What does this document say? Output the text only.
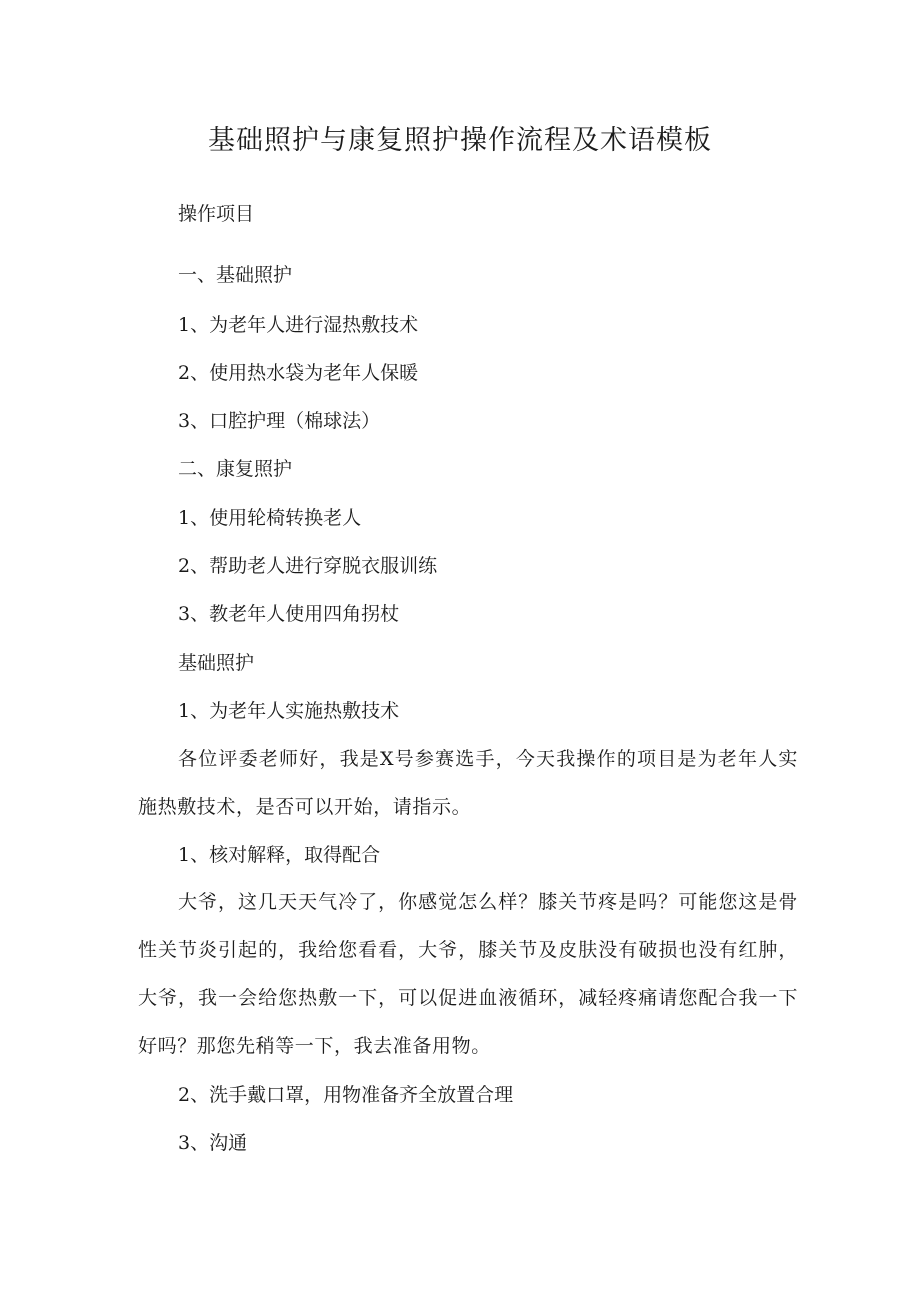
基础照护与康复照护操作流程及术语模板

操作项目

一、基础照护

1、为老年人进行湿热敷技术

2、使用热水袋为老年人保暖

3、口腔护理（棉球法）

二、康复照护

1、使用轮椅转换老人

2、帮助老人进行穿脱衣服训练

3、教老年人使用四角拐杖

基础照护

1、为老年人实施热敷技术

各位评委老师好，我是X号参赛选手，今天我操作的项目是为老年人实施热敷技术，是否可以开始，请指示。

1、核对解释，取得配合

大爷，这几天天气冷了，你感觉怎么样？膝关节疼是吗？可能您这是骨性关节炎引起的，我给您看看，大爷，膝关节及皮肤没有破损也没有红肿，大爷，我一会给您热敷一下，可以促进血液循环，减轻疼痛请您配合我一下好吗？那您先稍等一下，我去准备用物。

2、洗手戴口罩，用物准备齐全放置合理

3、沟通
